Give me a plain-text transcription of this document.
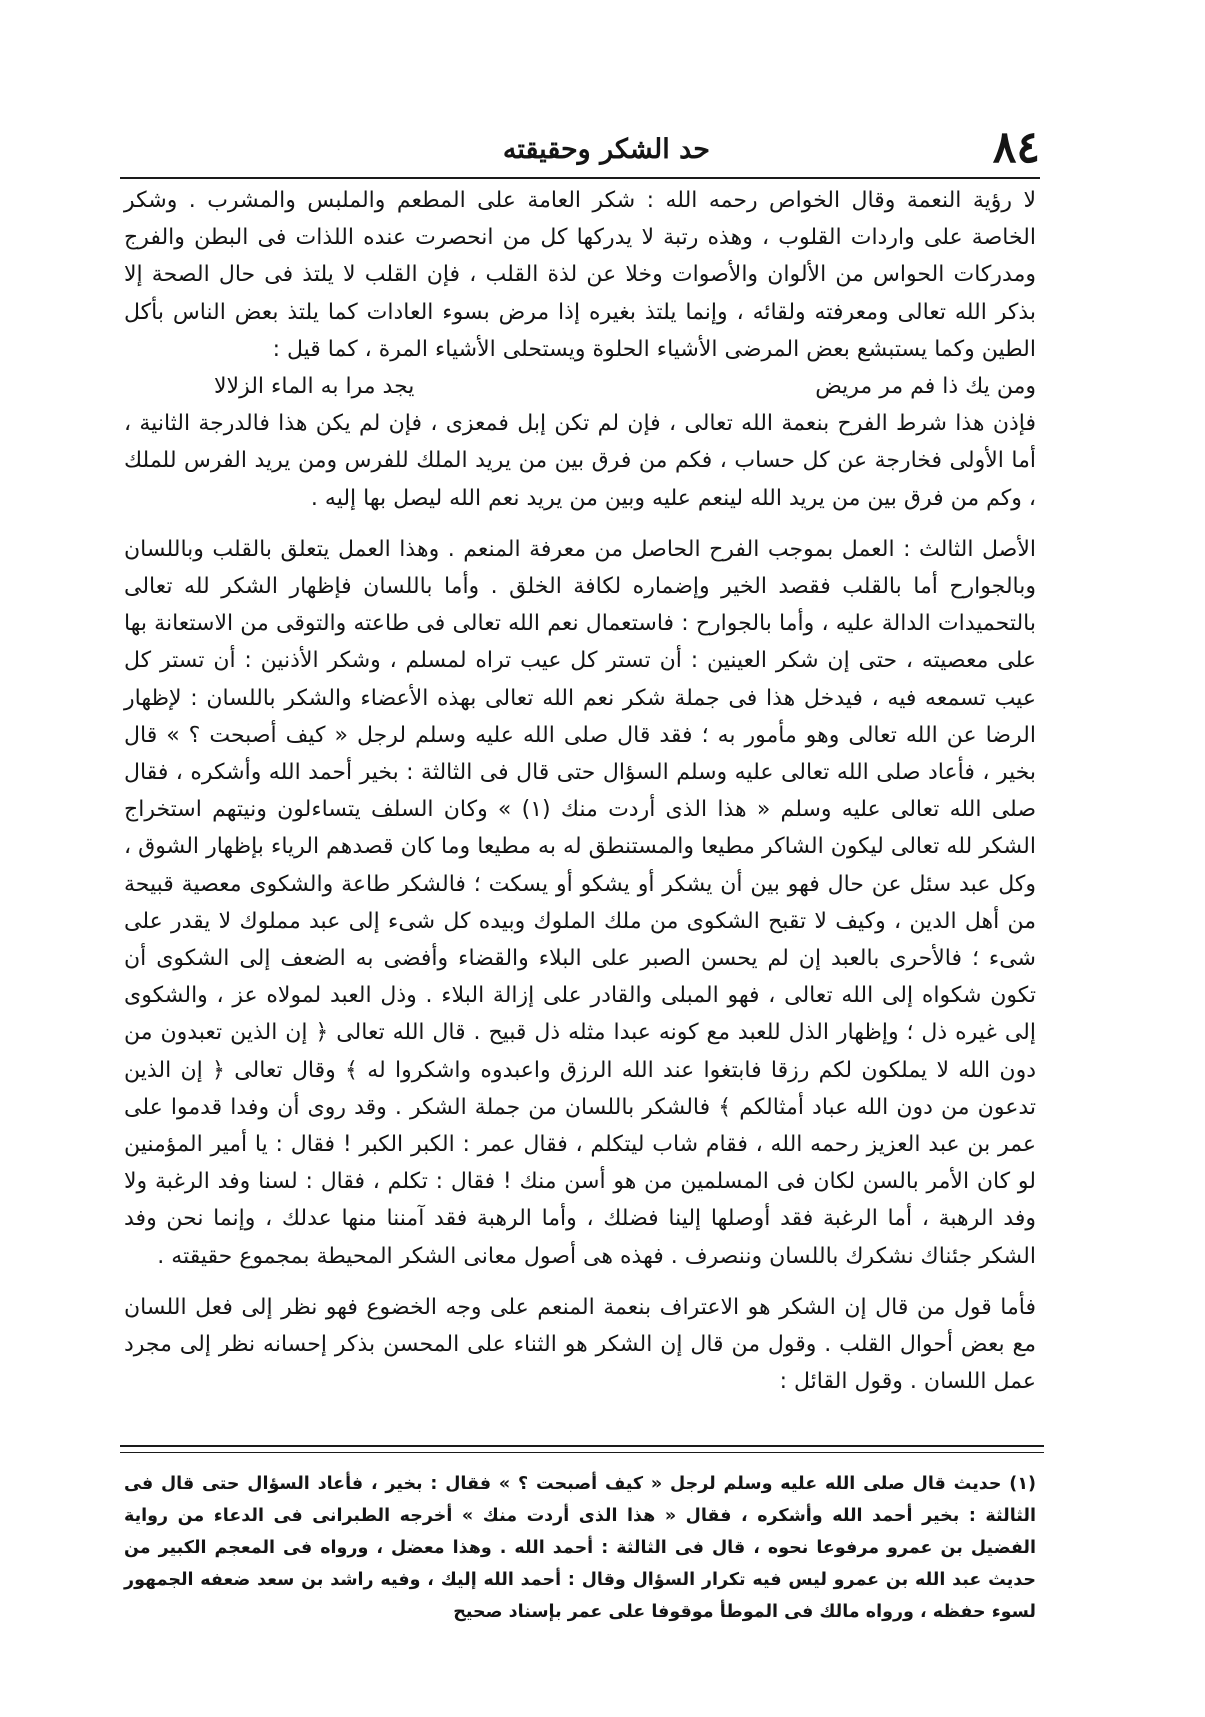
٨٤
حد الشكر وحقيقته

لا رؤية النعمة وقال الخواص رحمه الله : شكر العامة على المطعم والملبس والمشرب . وشكر الخاصة على واردات القلوب ، وهذه رتبة لا يدركها كل من انحصرت عنده اللذات فى البطن والفرج ومدركات الحواس من الألوان والأصوات وخلا عن لذة القلب ، فإن القلب لا يلتذ فى حال الصحة إلا بذكر الله تعالى ومعرفته ولقائه ، وإنما يلتذ بغيره إذا مرض بسوء العادات كما يلتذ بعض الناس بأكل الطين وكما يستبشع بعض المرضى الأشياء الحلوة ويستحلى الأشياء المرة ، كما قيل :

ومن يك ذا فم مر مريض
يجد مرا به الماء الزلالا

فإذن هذا شرط الفرح بنعمة الله تعالى ، فإن لم تكن إبل فمعزى ، فإن لم يكن هذا فالدرجة الثانية ، أما الأولى فخارجة عن كل حساب ، فكم من فرق بين من يريد الملك للفرس ومن يريد الفرس للملك ، وكم من فرق بين من يريد الله لينعم عليه وبين من يريد نعم الله ليصل بها إليه .

الأصل الثالث : العمل بموجب الفرح الحاصل من معرفة المنعم . وهذا العمل يتعلق بالقلب وباللسان وبالجوارح أما بالقلب فقصد الخير وإضماره لكافة الخلق . وأما باللسان فإظهار الشكر لله تعالى بالتحميدات الدالة عليه ، وأما بالجوارح : فاستعمال نعم الله تعالى فى طاعته والتوقى من الاستعانة بها على معصيته ، حتى إن شكر العينين : أن تستر كل عيب تراه لمسلم ، وشكر الأذنين : أن تستر كل عيب تسمعه فيه ، فيدخل هذا فى جملة شكر نعم الله تعالى بهذه الأعضاء والشكر باللسان : لإظهار الرضا عن الله تعالى وهو مأمور به ؛ فقد قال صلى الله عليه وسلم لرجل « كيف أصبحت ؟ » قال بخير ، فأعاد صلى الله تعالى عليه وسلم السؤال حتى قال فى الثالثة : بخير أحمد الله وأشكره ، فقال صلى الله تعالى عليه وسلم « هذا الذى أردت منك (١) » وكان السلف يتساءلون ونيتهم استخراج الشكر لله تعالى ليكون الشاكر مطيعا والمستنطق له به مطيعا وما كان قصدهم الرياء بإظهار الشوق ، وكل عبد سئل عن حال فهو بين أن يشكر أو يشكو أو يسكت ؛ فالشكر طاعة والشكوى معصية قبيحة من أهل الدين ، وكيف لا تقبح الشكوى من ملك الملوك وبيده كل شىء إلى عبد مملوك لا يقدر على شىء ؛ فالأحرى بالعبد إن لم يحسن الصبر على البلاء والقضاء وأفضى به الضعف إلى الشكوى أن تكون شكواه إلى الله تعالى ، فهو المبلى والقادر على إزالة البلاء . وذل العبد لمولاه عز ، والشكوى إلى غيره ذل ؛ وإظهار الذل للعبد مع كونه عبدا مثله ذل قبيح . قال الله تعالى ﴿ إن الذين تعبدون من دون الله لا يملكون لكم رزقا فابتغوا عند الله الرزق واعبدوه واشكروا له ﴾ وقال تعالى ﴿ إن الذين تدعون من دون الله عباد أمثالكم ﴾ فالشكر باللسان من جملة الشكر . وقد روى أن وفدا قدموا على عمر بن عبد العزيز رحمه الله ، فقام شاب ليتكلم ، فقال عمر : الكبر الكبر ! فقال : يا أمير المؤمنين لو كان الأمر بالسن لكان فى المسلمين من هو أسن منك ! فقال : تكلم ، فقال : لسنا وفد الرغبة ولا وفد الرهبة ، أما الرغبة فقد أوصلها إلينا فضلك ، وأما الرهبة فقد آمننا منها عدلك ، وإنما نحن وفد الشكر جئناك نشكرك باللسان وننصرف . فهذه هى أصول معانى الشكر المحيطة بمجموع حقيقته .

فأما قول من قال إن الشكر هو الاعتراف بنعمة المنعم على وجه الخضوع فهو نظر إلى فعل اللسان مع بعض أحوال القلب . وقول من قال إن الشكر هو الثناء على المحسن بذكر إحسانه نظر إلى مجرد عمل اللسان . وقول القائل :

(١) حديث قال صلى الله عليه وسلم لرجل « كيف أصبحت ؟ » فقال : بخير ، فأعاد السؤال حتى قال فى الثالثة : بخير أحمد الله وأشكره ، فقال « هذا الذى أردت منك » أخرجه الطبرانى فى الدعاء من رواية الفضيل بن عمرو مرفوعا نحوه ، قال فى الثالثة : أحمد الله . وهذا معضل ، ورواه فى المعجم الكبير من حديث عبد الله بن عمرو ليس فيه تكرار السؤال وقال : أحمد الله إليك ، وفيه راشد بن سعد ضعفه الجمهور لسوء حفظه ، ورواه مالك فى الموطأ موقوفا على عمر بإسناد صحيح
